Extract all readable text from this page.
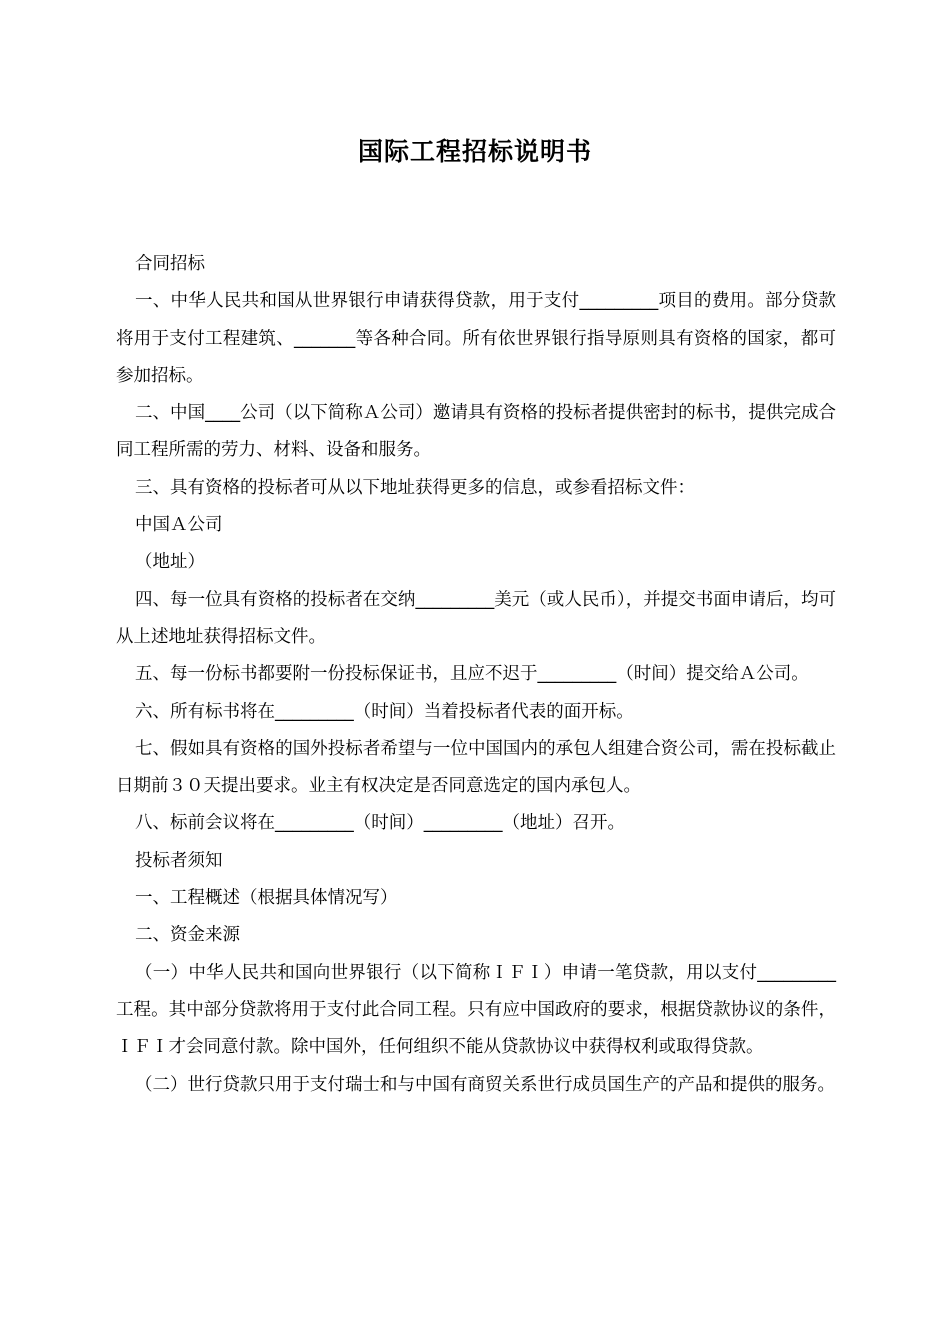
国际工程招标说明书

合同招标

一、中华人民共和国从世界银行申请获得贷款，用于支付_________项目的费用。部分贷款将用于支付工程建筑、_______等各种合同。所有依世界银行指导原则具有资格的国家，都可参加招标。

二、中国____公司（以下简称Ａ公司）邀请具有资格的投标者提供密封的标书，提供完成合同工程所需的劳力、材料、设备和服务。

三、具有资格的投标者可从以下地址获得更多的信息，或参看招标文件：

中国Ａ公司

（地址）

四、每一位具有资格的投标者在交纳_________美元（或人民币），并提交书面申请后，均可从上述地址获得招标文件。

五、每一份标书都要附一份投标保证书，且应不迟于_________（时间）提交给Ａ公司。

六、所有标书将在_________（时间）当着投标者代表的面开标。

七、假如具有资格的国外投标者希望与一位中国国内的承包人组建合资公司，需在投标截止日期前３０天提出要求。业主有权决定是否同意选定的国内承包人。

八、标前会议将在_________（时间）_________（地址）召开。

投标者须知

一、工程概述（根据具体情况写）

二、资金来源

（一）中华人民共和国向世界银行（以下简称ＩＦＩ）申请一笔贷款，用以支付_________工程。其中部分贷款将用于支付此合同工程。只有应中国政府的要求，根据贷款协议的条件，ＩＦＩ才会同意付款。除中国外，任何组织不能从贷款协议中获得权利或取得贷款。

（二）世行贷款只用于支付瑞士和与中国有商贸关系世行成员国生产的产品和提供的服务。
